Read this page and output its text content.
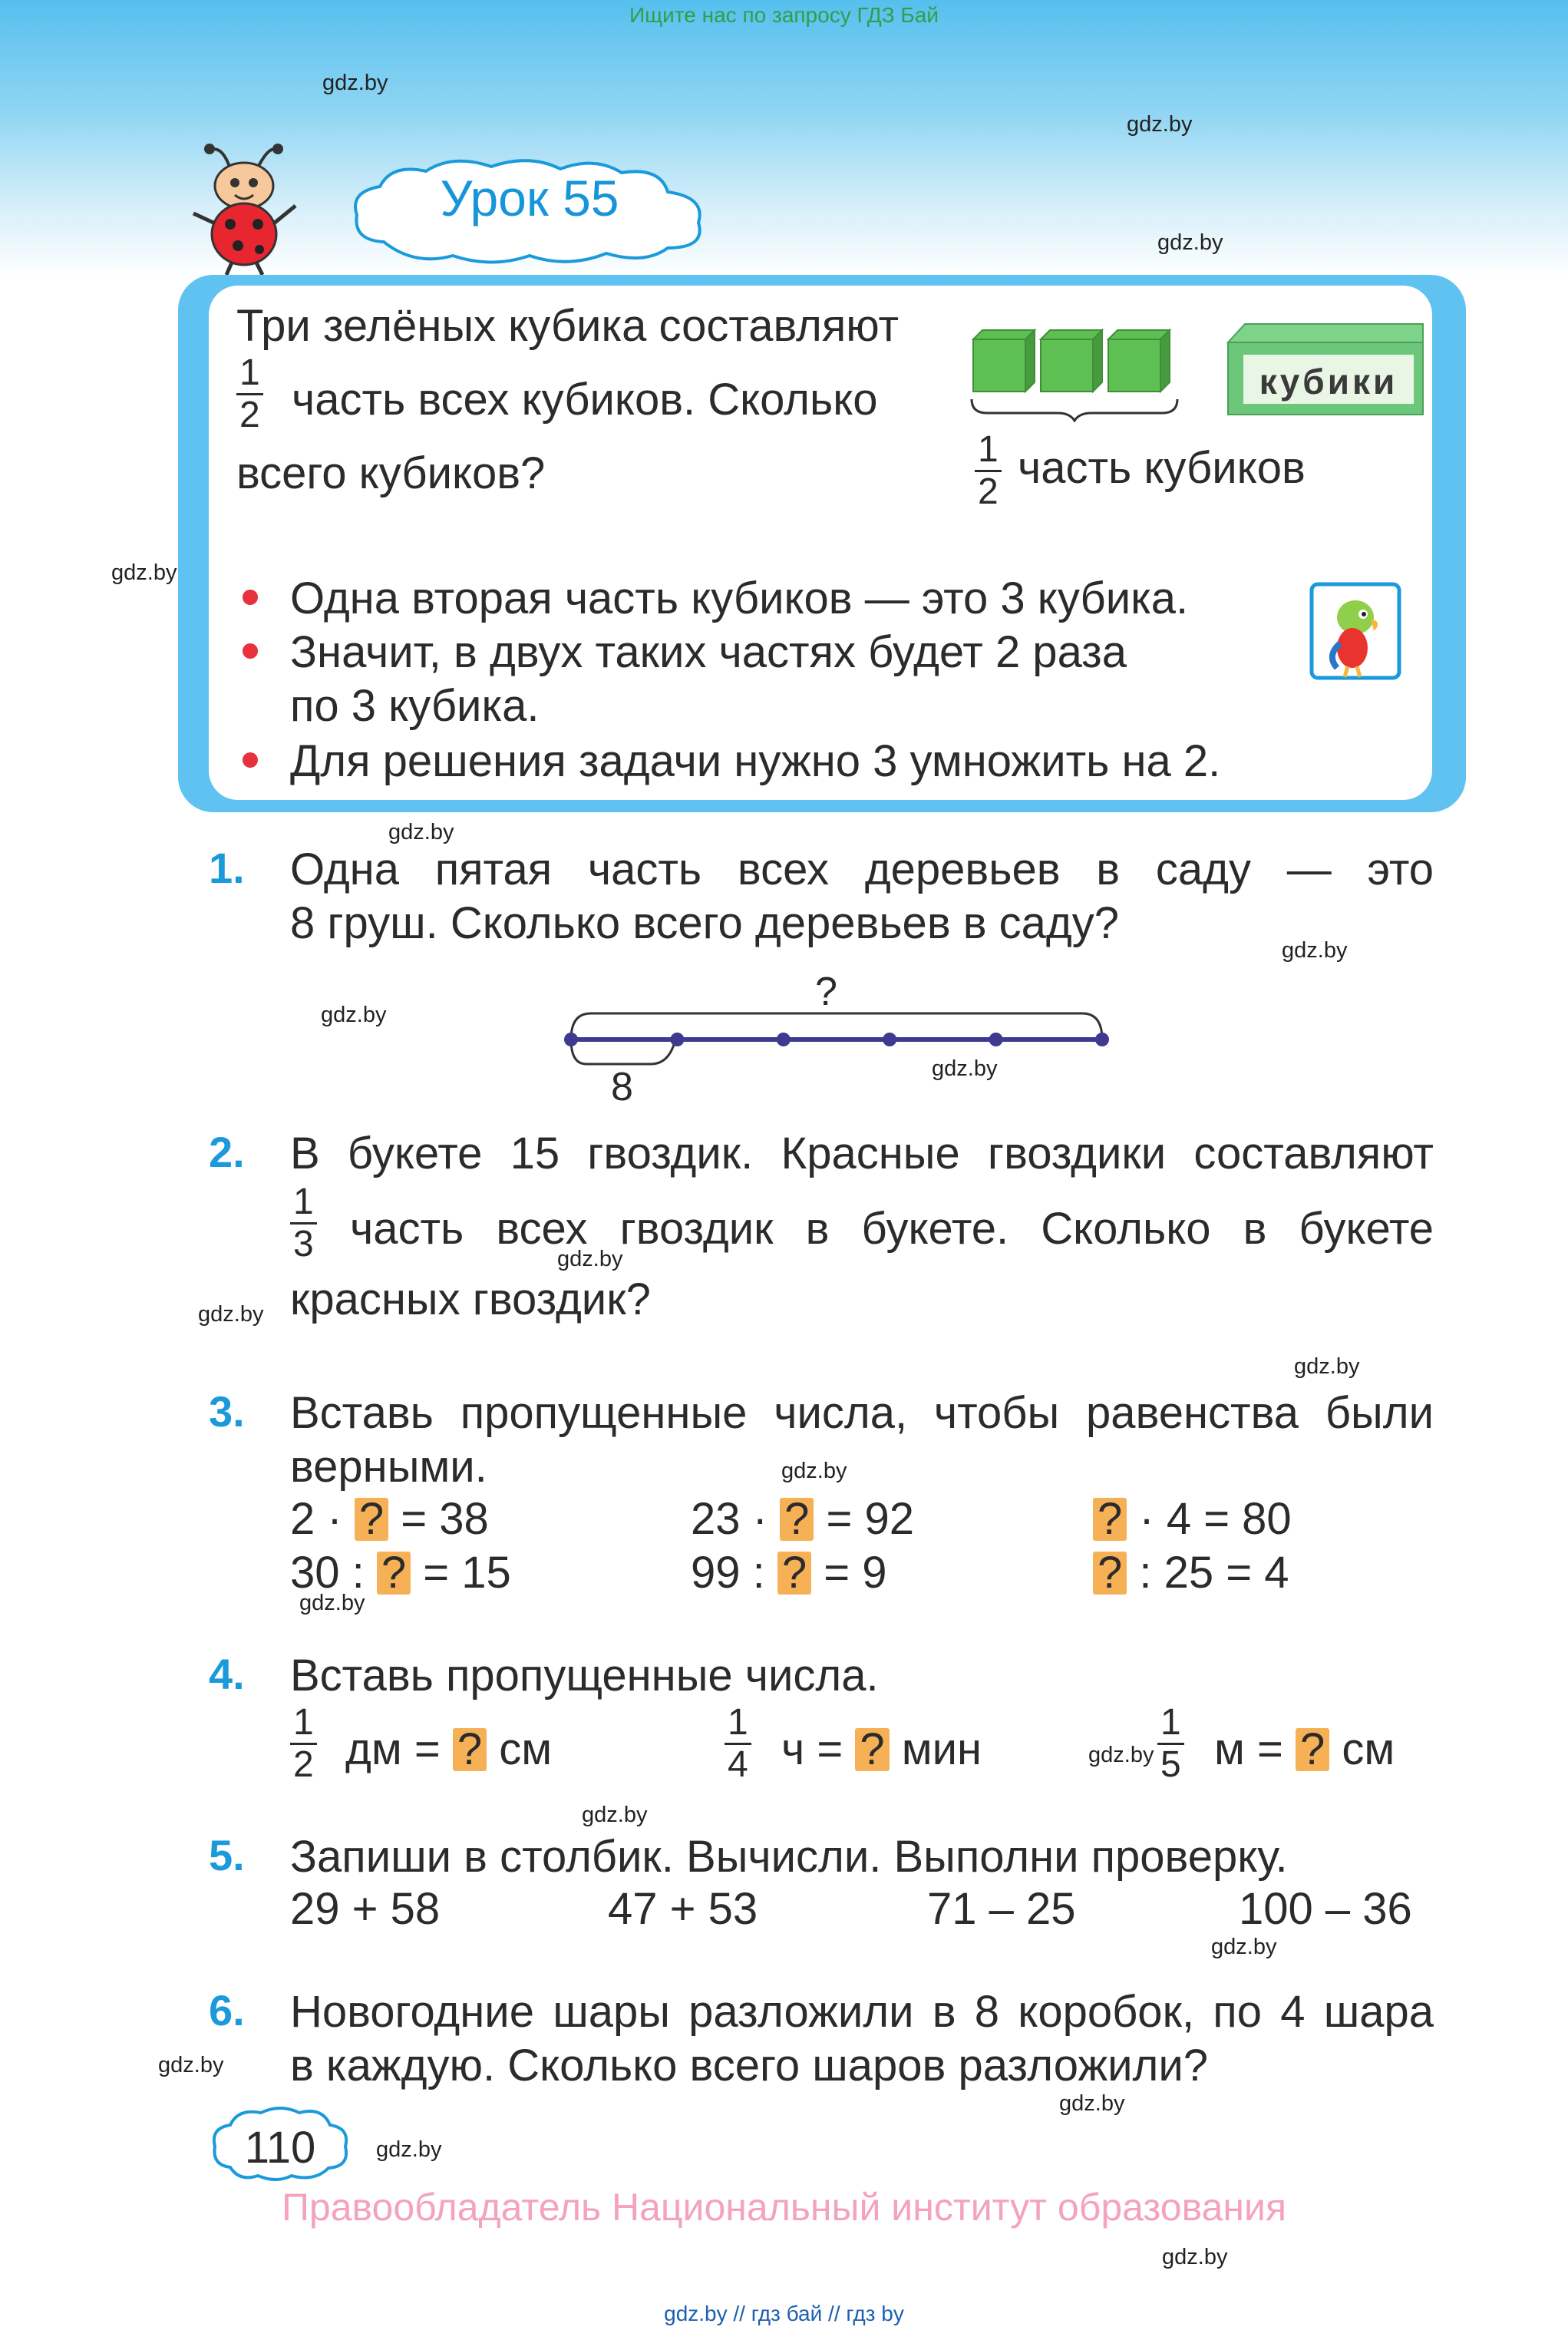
Ищите нас по запросу ГДЗ Бай
gdz.by
gdz.by
gdz.by
gdz.by
gdz.by
gdz.by
gdz.by
gdz.by
gdz.by
gdz.by
gdz.by
gdz.by
gdz.by
gdz.by
gdz.by
gdz.by
gdz.by
gdz.by
gdz.by
gdz.by
Урок 55
Три зелёных кубика составляют
$\frac{1}{2}$ часть всех кубиков. Сколько
всего кубиков?
кубики
$\frac{1}{2}$ часть кубиков
Одна вторая часть кубиков — это 3 кубика.
Значит, в двух таких частях будет 2 раза
по 3 кубика.
Для решения задачи нужно 3 умножить на 2.
1. Одна пятая часть всех деревьев в саду — это
8 груш. Сколько всего деревьев в саду?
?
8
2. В букете 15 гвоздик. Красные гвоздики составляют
$\frac{1}{3}$ часть всех гвоздик в букете. Сколько в букете
красных гвоздик?
3. Вставь пропущенные числа, чтобы равенства были
верными.
2 · ? = 38	23 · ? = 92	? · 4 = 80
30 : ? = 15	99 : ? = 9	? : 25 = 4
4. Вставь пропущенные числа.
$\frac{1}{2}$ дм = ? см	$\frac{1}{4}$ ч = ? мин	$\frac{1}{5}$ м = ? см
5. Запиши в столбик. Вычисли. Выполни проверку.
29 + 58	47 + 53	71 – 25	100 – 36
6. Новогодние шары разложили в 8 коробок, по 4 шара
в каждую. Сколько всего шаров разложили?
110
Правообладатель Национальный институт образования
gdz.by // гдз бай // гдз by
